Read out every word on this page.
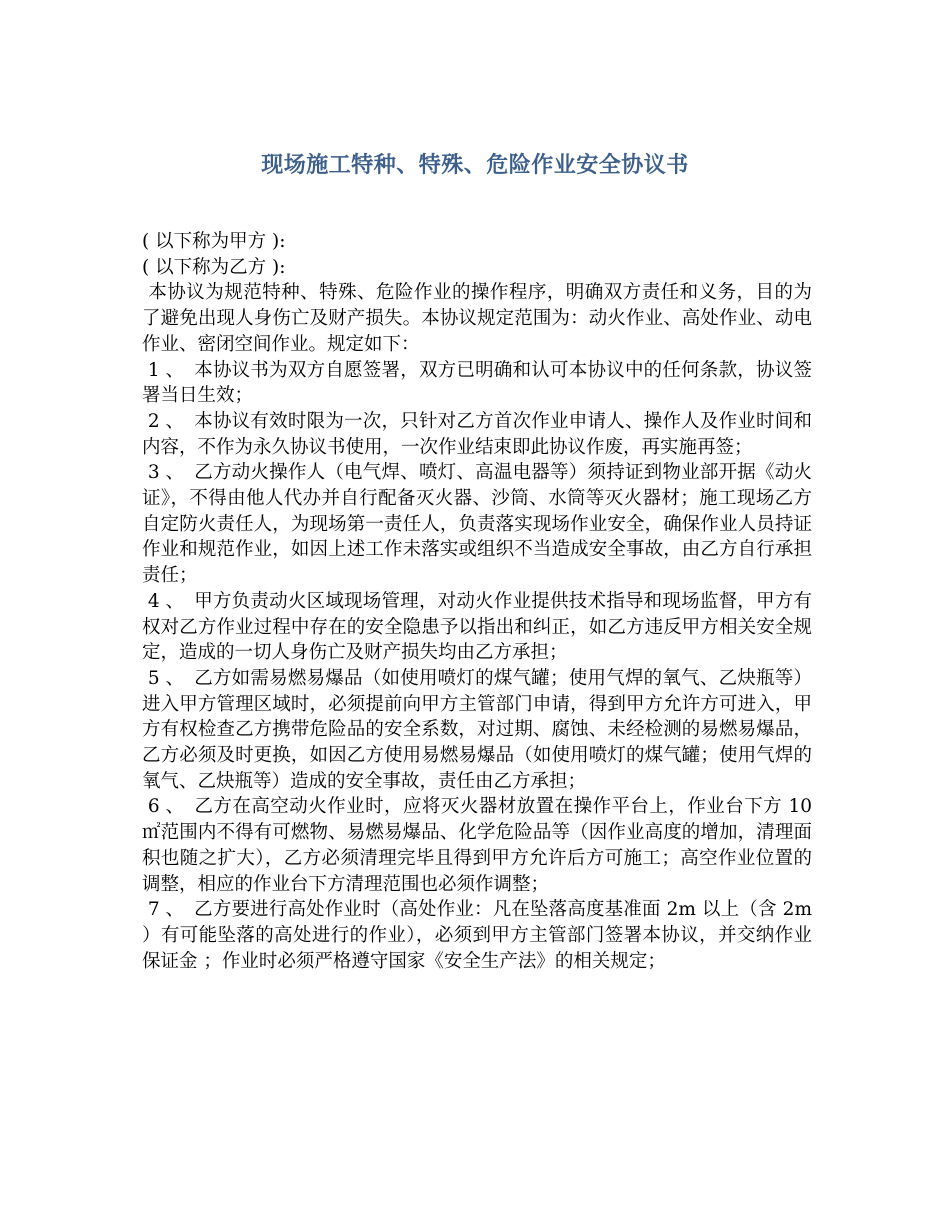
现场施工特种、特殊、危险作业安全协议书

( 以下称为甲方 ):

( 以下称为乙方 ):

本协议为规范特种、特殊、危险作业的操作程序，明确双方责任和义务，目的为了避免出现人身伤亡及财产损失。本协议规定范围为：动火作业、高处作业、动电作业、密闭空间作业。规定如下：

1 、 本协议书为双方自愿签署，双方已明确和认可本协议中的任何条款，协议签署当日生效；

2 、 本协议有效时限为一次，只针对乙方首次作业申请人、操作人及作业时间和内容，不作为永久协议书使用，一次作业结束即此协议作废，再实施再签；

3 、 乙方动火操作人（电气焊、喷灯、高温电器等）须持证到物业部开据《动火证》，不得由他人代办并自行配备灭火器、沙筒、水筒等灭火器材；施工现场乙方自定防火责任人，为现场第一责任人，负责落实现场作业安全，确保作业人员持证作业和规范作业，如因上述工作未落实或组织不当造成安全事故，由乙方自行承担责任；

4 、 甲方负责动火区域现场管理，对动火作业提供技术指导和现场监督，甲方有权对乙方作业过程中存在的安全隐患予以指出和纠正，如乙方违反甲方相关安全规定，造成的一切人身伤亡及财产损失均由乙方承担；

5 、 乙方如需易燃易爆品（如使用喷灯的煤气罐；使用气焊的氧气、乙炔瓶等）进入甲方管理区域时，必须提前向甲方主管部门申请，得到甲方允许方可进入，甲方有权检查乙方携带危险品的安全系数，对过期、腐蚀、未经检测的易燃易爆品，乙方必须及时更换，如因乙方使用易燃易爆品（如使用喷灯的煤气罐；使用气焊的氧气、乙炔瓶等）造成的安全事故，责任由乙方承担；

6 、 乙方在高空动火作业时，应将灭火器材放置在操作平台上，作业台下方 10 ㎡范围内不得有可燃物、易燃易爆品、化学危险品等（因作业高度的增加，清理面积也随之扩大），乙方必须清理完毕且得到甲方允许后方可施工；高空作业位置的调整，相应的作业台下方清理范围也必须作调整；

7 、 乙方要进行高处作业时（高处作业：凡在坠落高度基准面 2m 以上（含 2m ）有可能坠落的高处进行的作业），必须到甲方主管部门签署本协议，并交纳作业保证金 ；作业时必须严格遵守国家《安全生产法》的相关规定；
